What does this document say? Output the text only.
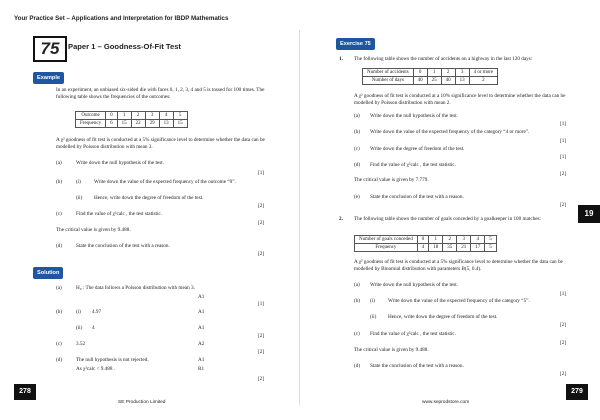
Your Practice Set – Applications and Interpretation for IBDP Mathematics
75	Paper 1 – Goodness-Of-Fit Test
Example
In an experiment, an unbiased six-sided die with faces 0, 1, 2, 3, 4 and 5 is tossed for 100 times. The following table shows the frequencies of the outcomes:
Outcome	0	1	2	3	4	5
Frequency	6	15	22	29	13	15
A χ² goodness of fit test is conducted at a 5% significance level to determine whether the data can be modelled by Poisson distribution with mean 3.
(a)	Write down the null hypothesis of the test.
[1]
(b)	(i)	Write down the value of the expected frequency of the outcome “0”.
(ii) Hence, write down the degree of freedom of the test.
[2]
(c)	Find the value of χ²calc , the test statistic.
[2]
The critical value is given by 9.488.
(d)	State the conclusion of the test with a reason.
[2]
Solution
(a)	H₀ : The data follows a Poisson distribution with mean 3.
A1
[1]
(b)	(i) 4.97	A1
(ii) 4	A1
[2]
(c)	3.52	A2
[2]
(d)	The null hypothesis is not rejected.	A1
As χ²calc < 9.488 .	R1
[2]
278
SE Production Limited
Exercise 75
1. The following table shows the number of accidents on a highway in the last 120 days:
Number of accidents	0	1	2	3	4 or more
Number of days	40	25	40	13	2
A χ² goodness of fit test is conducted at a 10% significance level to determine whether the data can be modelled by Poisson distribution with mean 2.
(a) Write down the null hypothesis of the test.
[1]
(b) Write down the value of the expected frequency of the category “4 or more”.
[1]
(c) Write down the degree of freedom of the test.
[1]
(d) Find the value of χ²calc , the test statistic.
[2]
The critical value is given by 7.779.
(e) State the conclusion of the test with a reason.
[2]
19
2. The following table shows the number of goals conceded by a goalkeeper in 100 matches:
Number of goals conceded	0	1	2	3	4	5
Frequency	4	18	35	21	17	5
A χ² goodness of fit test is conducted at a 5% significance level to determine whether the data can be modelled by Binomial distribution with parameters B(5, 0.4).
(a) Write down the null hypothesis of the test.
[1]
(b) (i)	Write down the value of the expected frequency of the category “5”.
(ii) Hence, write down the degree of freedom of the test.
[2]
(c) Find the value of χ²calc , the test statistic.
[2]
The critical value is given by 9.488.
(d) State the conclusion of the test with a reason.
[2]
279
www.seprodstore.com
